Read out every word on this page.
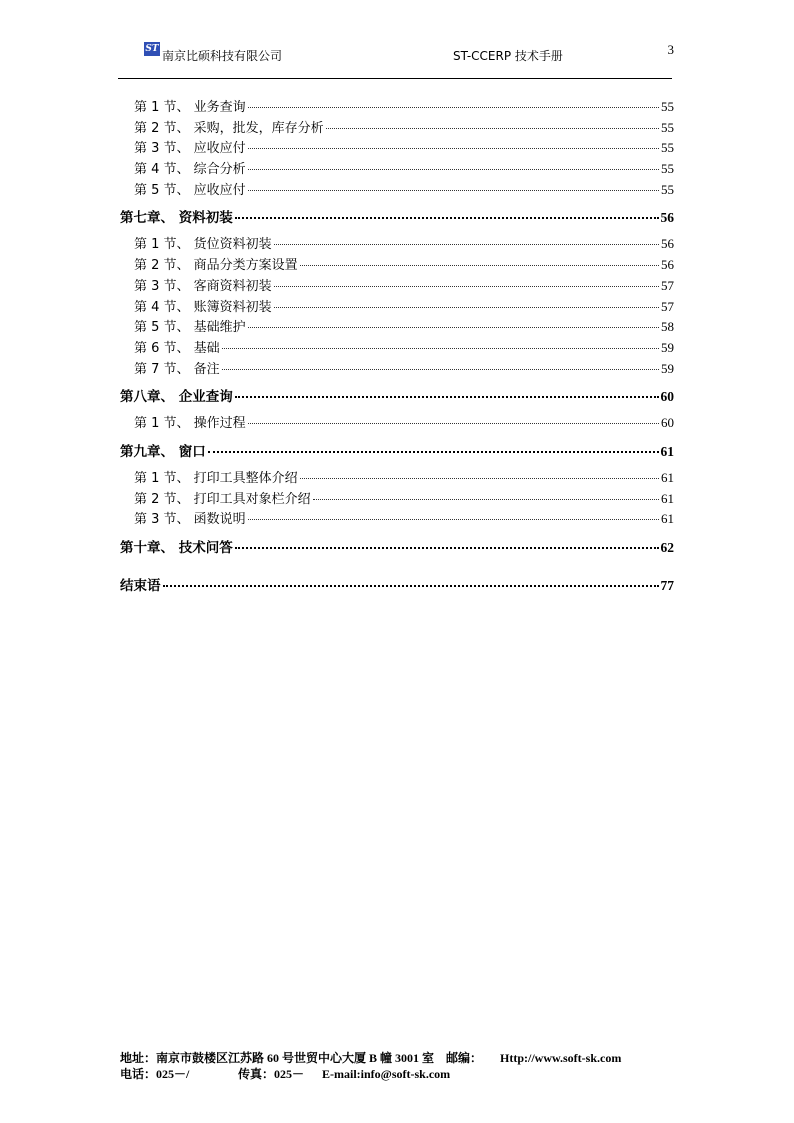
ST 南京比硕科技有限公司	ST-CCERP 技术手册	3
第 1 节、 业务查询	55
第 2 节、 采购，批发，库存分析	55
第 3 节、 应收应付	55
第 4 节、 综合分析	55
第 5 节、 应收应付	55
第七章、 资料初装	56
第 1 节、 货位资料初装	56
第 2 节、 商品分类方案设置	56
第 3 节、 客商资料初装	57
第 4 节、 账簿资料初装	57
第 5 节、 基础维护	58
第 6 节、 基础	59
第 7 节、 备注	59
第八章、 企业查询	60
第 1 节、 操作过程	60
第九章、 窗口	61
第 1 节、 打印工具整体介绍	61
第 2 节、 打印工具对象栏介绍	61
第 3 节、 函数说明	61
第十章、 技术问答	62
结束语	77
地址：南京市鼓楼区江苏路 60 号世贸中心大厦 B 幢 3001 室 邮编： Http://www.soft-sk.com
电话：025－/	传真：025－ E-mail:info@soft-sk.com
